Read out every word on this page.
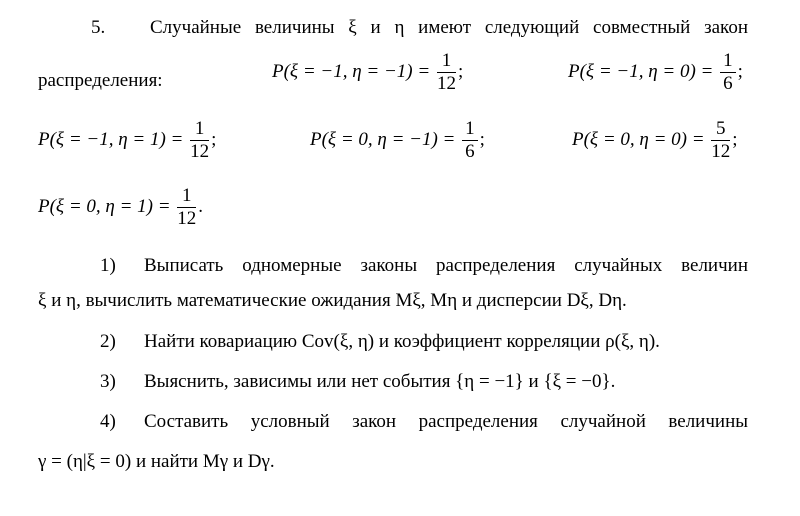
5. Случайные величины ξ и η имеют следующий совместный закон
распределения:	P(ξ = −1, $\eta = -1) = \frac{1}{12}$ ;	P(ξ = −1, $\eta = 0) = \frac{1}{6}$ ;
P(ξ = −1, $\eta = 1) = \frac{1}{12}$ ;	P(ξ = 0, $\eta = -1) = \frac{1}{6}$ ;	P(ξ = 0, $\eta = 0) = \frac{5}{12}$ ;
P(ξ = 0, $\eta = 1) = \frac{1}{12}$ .
1) Выписать одномерные законы распределения случайных величин
ξ и η, вычислить математические ожидания Mξ, Mη и дисперсии Dξ, Dη.
2) Найти ковариацию Cov(ξ, η) и коэффициент корреляции ρ(ξ, η).
3) Выяснить, зависимы или нет события {η = −1} и {ξ = −0}.
4) Составить условный закон распределения случайной величины
γ = (η|ξ = 0) и найти Mγ и Dγ.
